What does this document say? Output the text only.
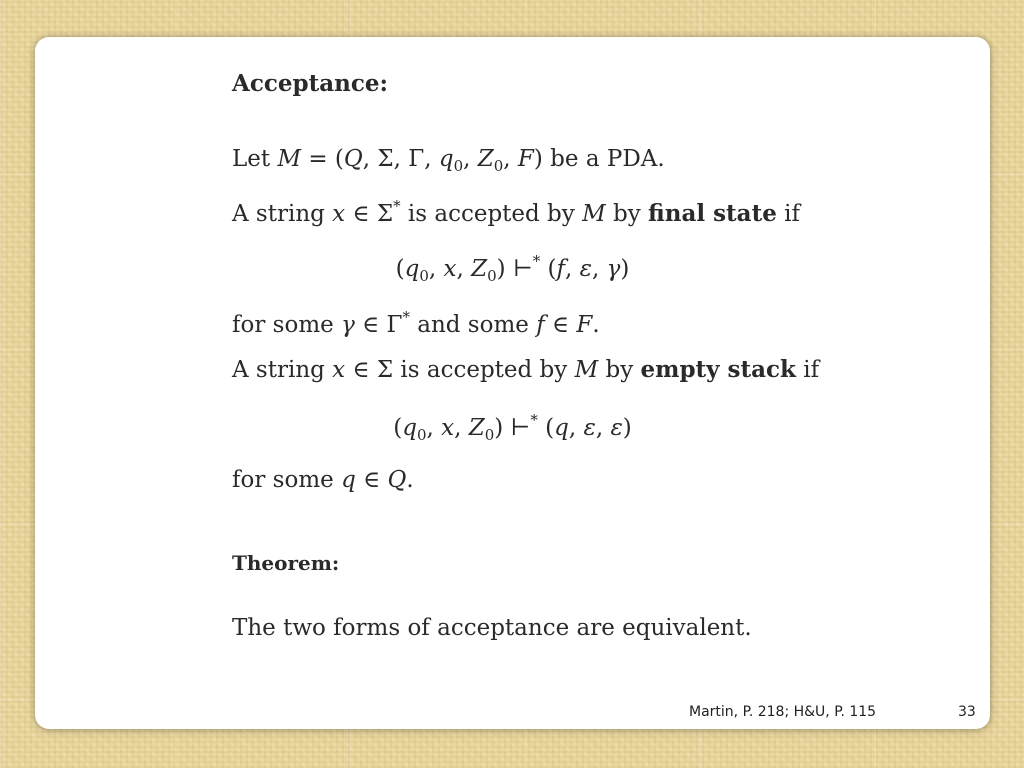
Acceptance:
Let M = (Q, Σ, Γ, $q_0$, $Z_0$, F) be a PDA.
A string x ∈ Σ* is accepted by M by final state if
($q_0$, x, $Z_0$) ⊢* (f, ε, γ)
for some γ ∈ Γ* and some f ∈ F.
A string x ∈ Σ is accepted by M by empty stack if
($q_0$, x, $Z_0$) ⊢* (q, ε, ε)
for some q ∈ Q.
Theorem:
The two forms of acceptance are equivalent.
Martin, P. 218; H&U, P. 115	33
